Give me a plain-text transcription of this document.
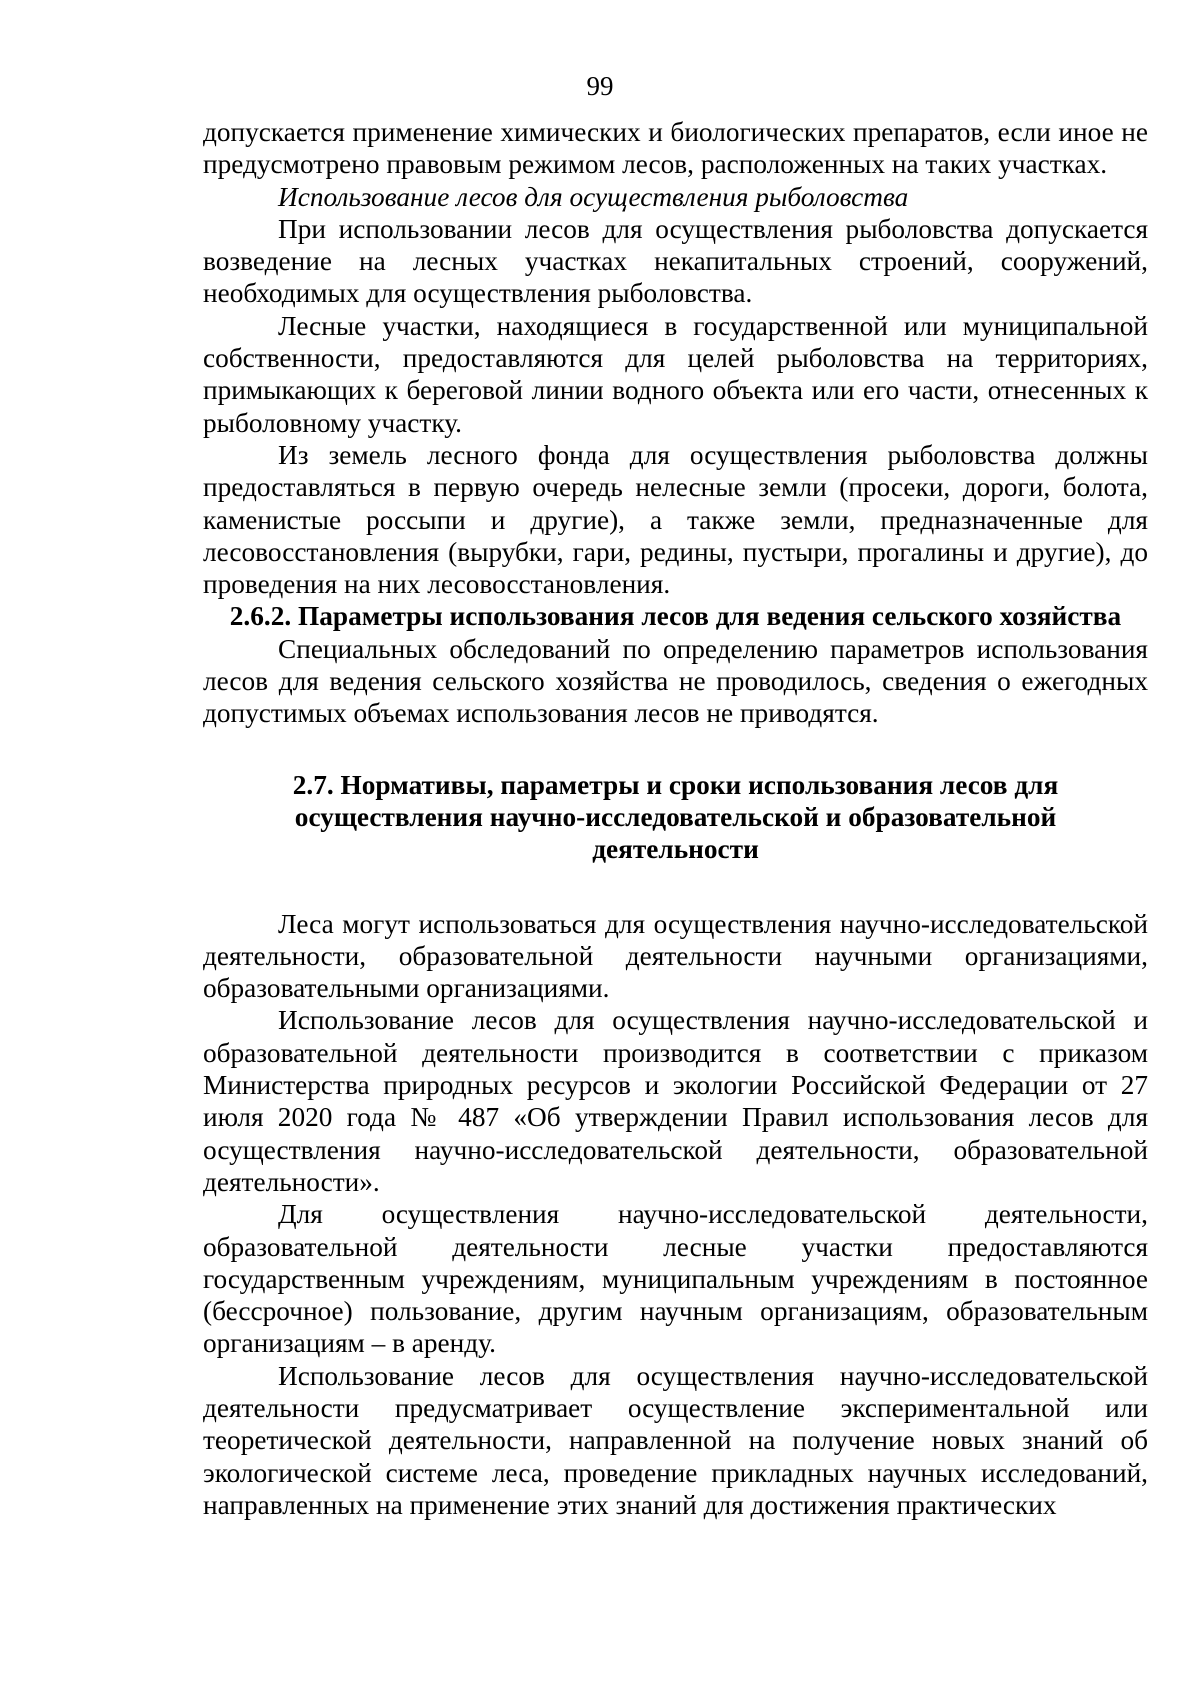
99

допускается применение химических и биологических препаратов, если иное не предусмотрено правовым режимом лесов, расположенных на таких участках.

Использование лесов для осуществления рыболовства

При использовании лесов для осуществления рыболовства допускается возведение на лесных участках некапитальных строений, сооружений, необходимых для осуществления рыболовства.

Лесные участки, находящиеся в государственной или муниципальной собственности, предоставляются для целей рыболовства на территориях, примыкающих к береговой линии водного объекта или его части, отнесенных к рыболовному участку.

Из земель лесного фонда для осуществления рыболовства должны предоставляться в первую очередь нелесные земли (просеки, дороги, болота, каменистые россыпи и другие), а также земли, предназначенные для лесовосстановления (вырубки, гари, редины, пустыри, прогалины и другие), до проведения на них лесовосстановления.

2.6.2. Параметры использования лесов для ведения сельского хозяйства

Специальных обследований по определению параметров использования лесов для ведения сельского хозяйства не проводилось, сведения о ежегодных допустимых объемах использования лесов не приводятся.

2.7. Нормативы, параметры и сроки использования лесов для осуществления научно-исследовательской и образовательной деятельности

Леса могут использоваться для осуществления научно-исследовательской деятельности, образовательной деятельности научными организациями, образовательными организациями.

Использование лесов для осуществления научно-исследовательской и образовательной деятельности производится в соответствии с приказом Министерства природных ресурсов и экологии Российской Федерации от 27 июля 2020 года № 487 «Об утверждении Правил использования лесов для осуществления научно-исследовательской деятельности, образовательной деятельности».

Для осуществления научно-исследовательской деятельности, образовательной деятельности лесные участки предоставляются государственным учреждениям, муниципальным учреждениям в постоянное (бессрочное) пользование, другим научным организациям, образовательным организациям – в аренду.

Использование лесов для осуществления научно-исследовательской деятельности предусматривает осуществление экспериментальной или теоретической деятельности, направленной на получение новых знаний об экологической системе леса, проведение прикладных научных исследований, направленных на применение этих знаний для достижения практических
